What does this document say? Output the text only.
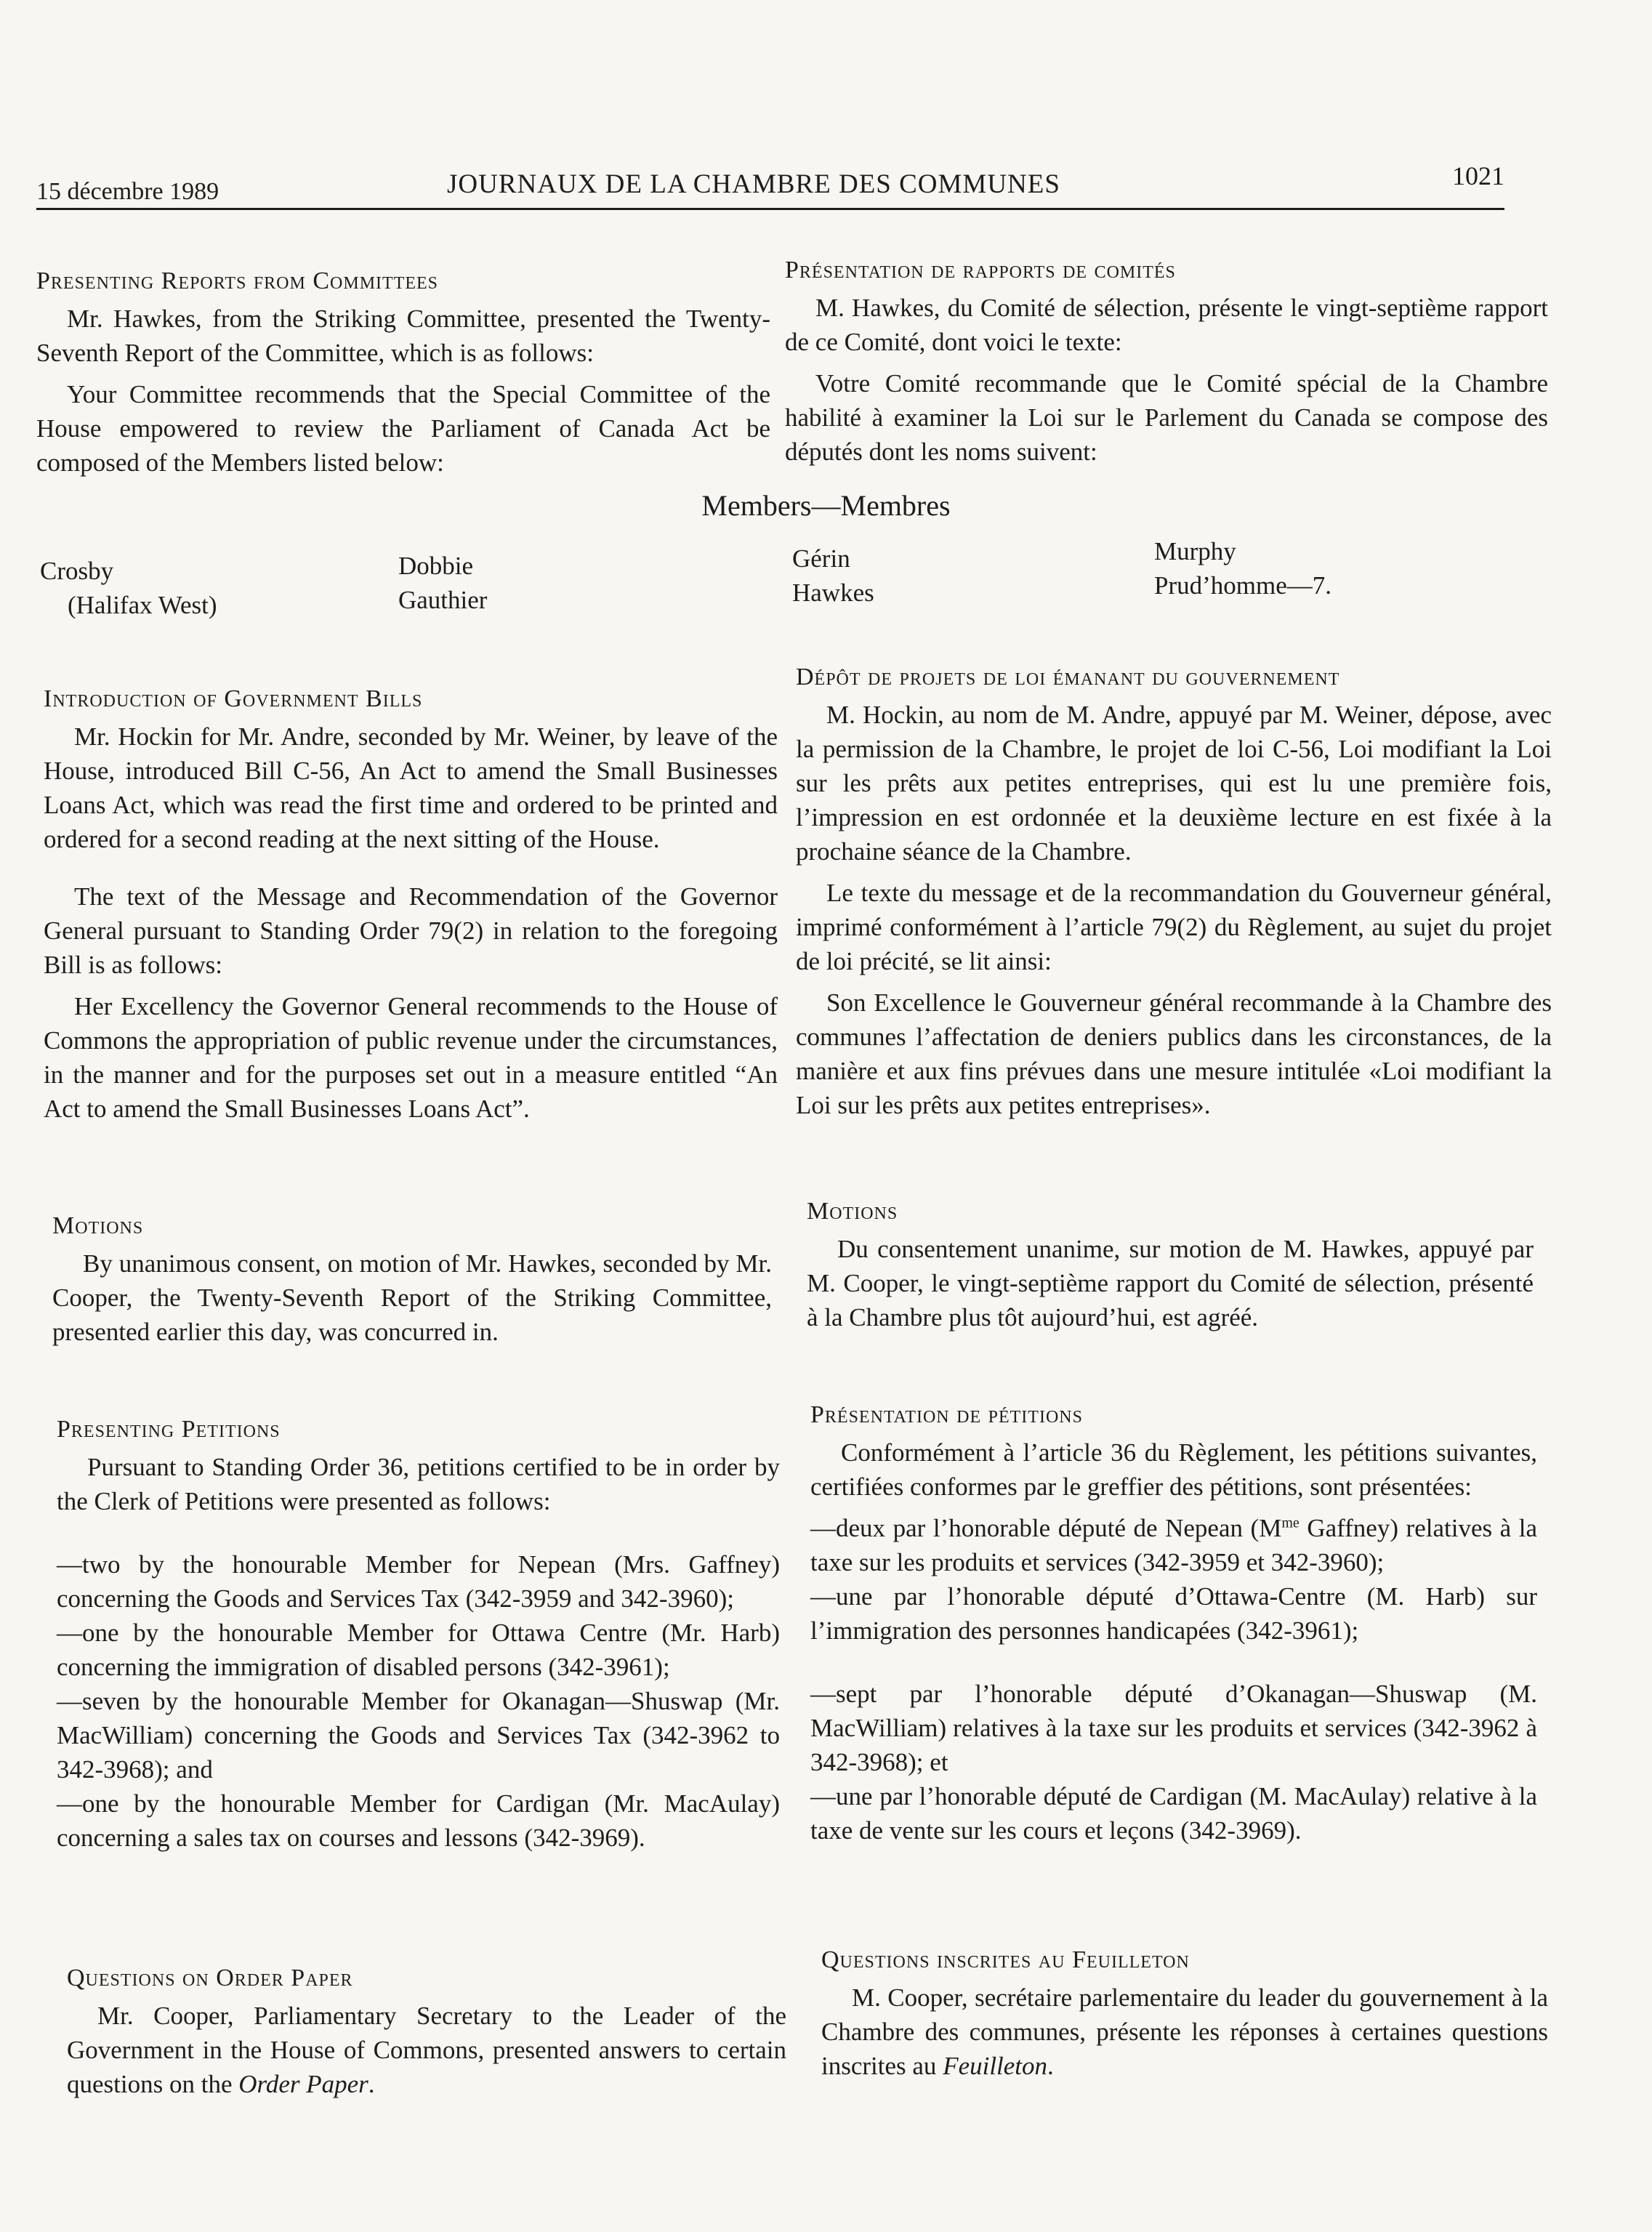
15 décembre 1989	JOURNAUX DE LA CHAMBRE DES COMMUNES	1021
Presenting Reports from Committees

Mr. Hawkes, from the Striking Committee, presented the Twenty-Seventh Report of the Committee, which is as follows:

Your Committee recommends that the Special Committee of the House empowered to review the Parliament of Canada Act be composed of the Members listed below:

Présentation de rapports de comités

M. Hawkes, du Comité de sélection, présente le vingt-septième rapport de ce Comité, dont voici le texte:

Votre Comité recommande que le Comité spécial de la Chambre habilité à examiner la Loi sur le Parlement du Canada se compose des députés dont les noms suivent:

Members—Membres
Crosby
(Halifax West)
Dobbie
Gauthier
Gérin
Hawkes
Murphy
Prud’homme—7.
Introduction of Government Bills

Mr. Hockin for Mr. Andre, seconded by Mr. Weiner, by leave of the House, introduced Bill C-56, An Act to amend the Small Businesses Loans Act, which was read the first time and ordered to be printed and ordered for a second reading at the next sitting of the House.

The text of the Message and Recommendation of the Governor General pursuant to Standing Order 79(2) in relation to the foregoing Bill is as follows:

Her Excellency the Governor General recommends to the House of Commons the appropriation of public revenue under the circumstances, in the manner and for the purposes set out in a measure entitled “An Act to amend the Small Businesses Loans Act”.

Dépôt de projets de loi émanant du gouvernement

M. Hockin, au nom de M. Andre, appuyé par M. Weiner, dépose, avec la permission de la Chambre, le projet de loi C-56, Loi modifiant la Loi sur les prêts aux petites entreprises, qui est lu une première fois, l’impression en est ordonnée et la deuxième lecture en est fixée à la prochaine séance de la Chambre.

Le texte du message et de la recommandation du Gouverneur général, imprimé conformément à l’article 79(2) du Règlement, au sujet du projet de loi précité, se lit ainsi:

Son Excellence le Gouverneur général recommande à la Chambre des communes l’affectation de deniers publics dans les circonstances, de la manière et aux fins prévues dans une mesure intitulée «Loi modifiant la Loi sur les prêts aux petites entreprises».

Motions

By unanimous consent, on motion of Mr. Hawkes, seconded by Mr. Cooper, the Twenty-Seventh Report of the Striking Committee, presented earlier this day, was concurred in.

Motions

Du consentement unanime, sur motion de M. Hawkes, appuyé par M. Cooper, le vingt-septième rapport du Comité de sélection, présenté à la Chambre plus tôt aujourd’hui, est agréé.

Presenting Petitions

Pursuant to Standing Order 36, petitions certified to be in order by the Clerk of Petitions were presented as follows:

—two by the honourable Member for Nepean (Mrs. Gaffney) concerning the Goods and Services Tax (342-3959 and 342-3960);

—one by the honourable Member for Ottawa Centre (Mr. Harb) concerning the immigration of disabled persons (342-3961);

—seven by the honourable Member for Okanagan—Shuswap (Mr. MacWilliam) concerning the Goods and Services Tax (342-3962 to 342-3968); and

—one by the honourable Member for Cardigan (Mr. MacAulay) concerning a sales tax on courses and lessons (342-3969).

Présentation de pétitions

Conformément à l’article 36 du Règlement, les pétitions suivantes, certifiées conformes par le greffier des pétitions, sont présentées:

—deux par l’honorable député de Nepean ($M^{me}$ Gaffney) relatives à la taxe sur les produits et services (342-3959 et 342-3960);

—une par l’honorable député d’Ottawa-Centre (M. Harb) sur l’immigration des personnes handicapées (342-3961);

—sept par l’honorable député d’Okanagan—Shuswap (M. MacWilliam) relatives à la taxe sur les produits et services (342-3962 à 342-3968); et

—une par l’honorable député de Cardigan (M. MacAulay) relative à la taxe de vente sur les cours et leçons (342-3969).

Questions on Order Paper

Mr. Cooper, Parliamentary Secretary to the Leader of the Government in the House of Commons, presented answers to certain questions on the Order Paper.

Questions inscrites au Feuilleton

M. Cooper, secrétaire parlementaire du leader du gouvernement à la Chambre des communes, présente les réponses à certaines questions inscrites au Feuilleton.
